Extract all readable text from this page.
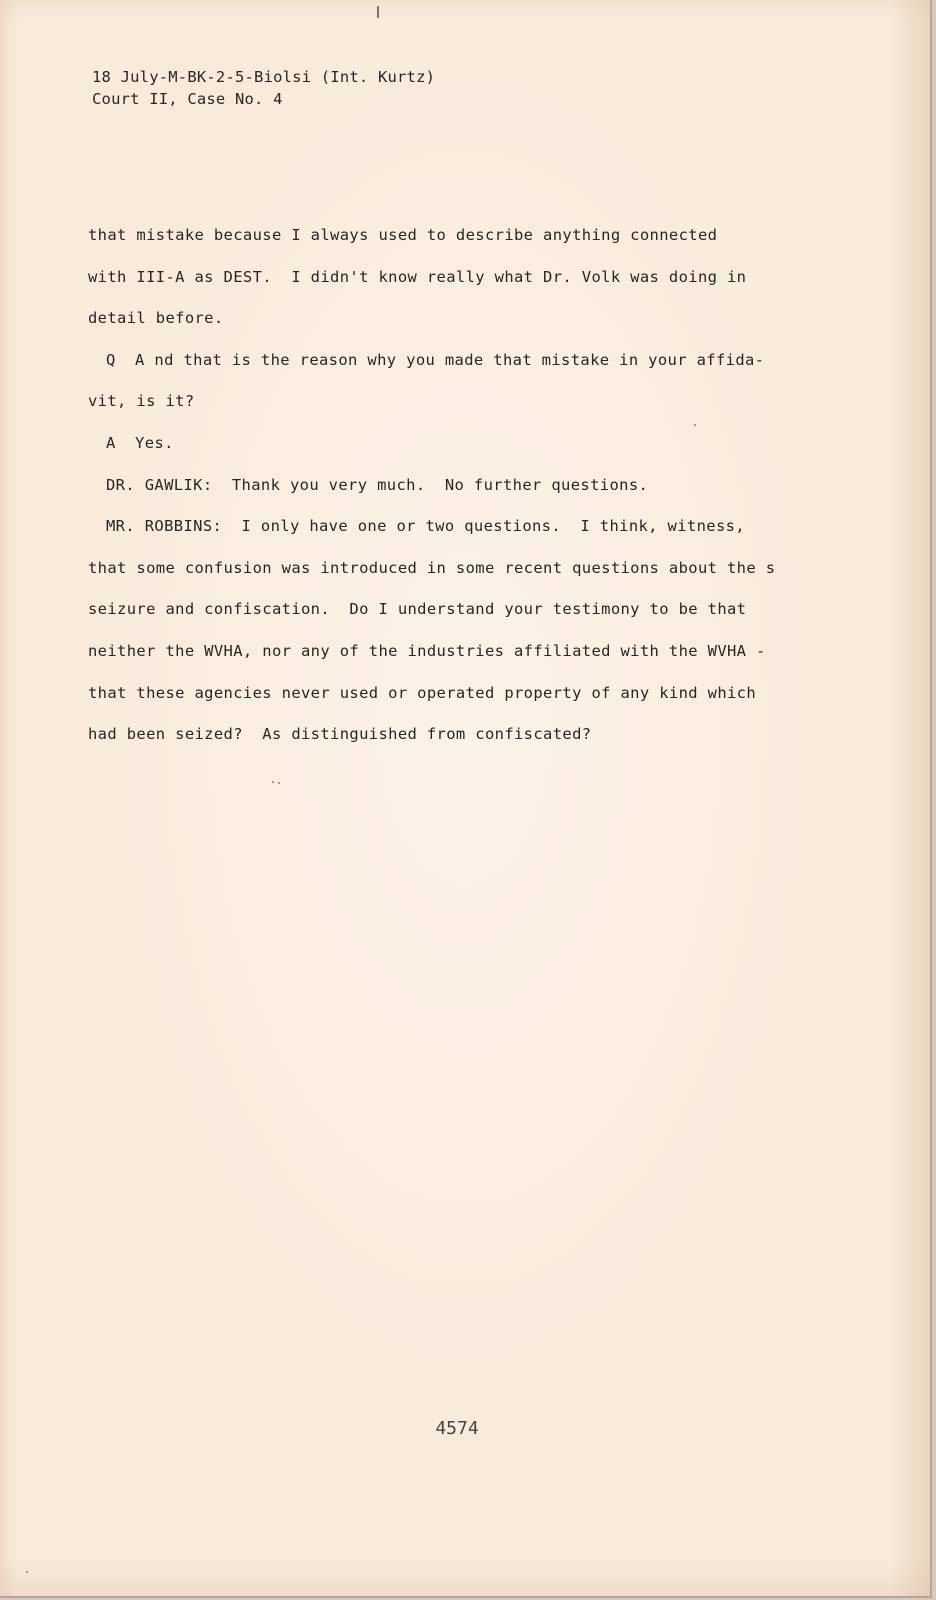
18 July-M-BK-2-5-Biolsi (Int. Kurtz)
Court II, Case No. 4
that mistake because I always used to describe anything connected
with III-A as DEST.  I didn't know really what Dr. Volk was doing in
detail before.
Q  A nd that is the reason why you made that mistake in your affida-
vit, is it?
A  Yes.
DR. GAWLIK:  Thank you very much.  No further questions.
MR. ROBBINS:  I only have one or two questions.  I think, witness,
that some confusion was introduced in some recent questions about the s
seizure and confiscation.  Do I understand your testimony to be that
neither the WVHA, nor any of the industries affiliated with the WVHA -
that these agencies never used or operated property of any kind which
had been seized?  As distinguished from confiscated?
4574
